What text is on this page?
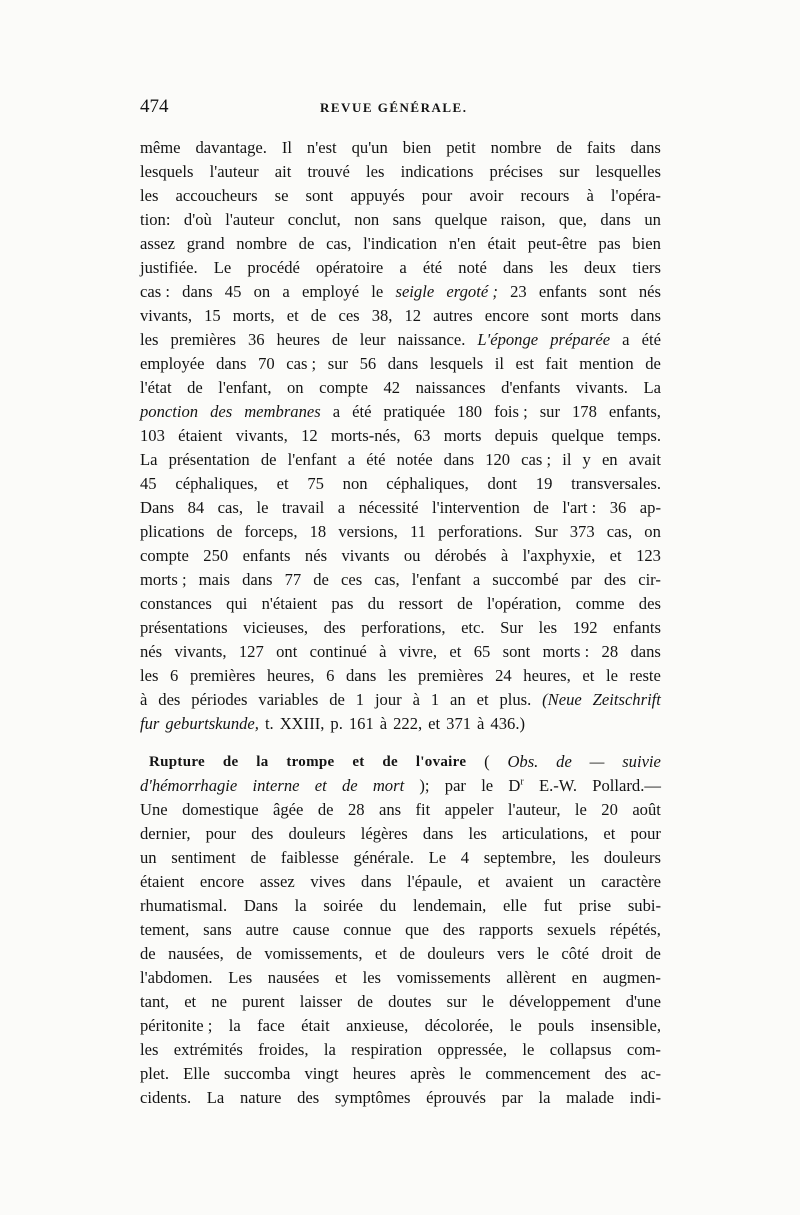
474	REVUE GÉNÉRALE.
même davantage. Il n'est qu'un bien petit nombre de faits dans
lesquels l'auteur ait trouvé les indications précises sur lesquelles
les accoucheurs se sont appuyés pour avoir recours à l'opéra-
tion: d'où l'auteur conclut, non sans quelque raison, que, dans un
assez grand nombre de cas, l'indication n'en était peut-être pas bien
justifiée. Le procédé opératoire a été noté dans les deux tiers
cas : dans 45 on a employé le seigle ergoté ; 23 enfants sont nés
vivants, 15 morts, et de ces 38, 12 autres encore sont morts dans
les premières 36 heures de leur naissance. L'éponge préparée a été
employée dans 70 cas ; sur 56 dans lesquels il est fait mention de
l'état de l'enfant, on compte 42 naissances d'enfants vivants. La
ponction des membranes a été pratiquée 180 fois ; sur 178 enfants,
103 étaient vivants, 12 morts-nés, 63 morts depuis quelque temps.
La présentation de l'enfant a été notée dans 120 cas ; il y en avait
45 céphaliques, et 75 non céphaliques, dont 19 transversales.
Dans 84 cas, le travail a nécessité l'intervention de l'art : 36 ap-
plications de forceps, 18 versions, 11 perforations. Sur 373 cas, on
compte 250 enfants nés vivants ou dérobés à l'axphyxie, et 123
morts ; mais dans 77 de ces cas, l'enfant a succombé par des cir-
constances qui n'étaient pas du ressort de l'opération, comme des
présentations vicieuses, des perforations, etc. Sur les 192 enfants
nés vivants, 127 ont continué à vivre, et 65 sont morts : 28 dans
les 6 premières heures, 6 dans les premières 24 heures, et le reste
à des périodes variables de 1 jour à 1 an et plus. (Neue Zeitschrift
fur geburtskunde, t. XXIII, p. 161 à 222, et 371 à 436.)
Rupture de la trompe et de l'ovaire ( Obs. de — suivie
d'hémorrhagie interne et de mort ); par le $D^r$ E.-W. Pollard.—
Une domestique âgée de 28 ans fit appeler l'auteur, le 20 août
dernier, pour des douleurs légères dans les articulations, et pour
un sentiment de faiblesse générale. Le 4 septembre, les douleurs
étaient encore assez vives dans l'épaule, et avaient un caractère
rhumatismal. Dans la soirée du lendemain, elle fut prise subi-
tement, sans autre cause connue que des rapports sexuels répétés,
de nausées, de vomissements, et de douleurs vers le côté droit de
l'abdomen. Les nausées et les vomissements allèrent en augmen-
tant, et ne purent laisser de doutes sur le développement d'une
péritonite ; la face était anxieuse, décolorée, le pouls insensible,
les extrémités froides, la respiration oppressée, le collapsus com-
plet. Elle succomba vingt heures après le commencement des ac-
cidents. La nature des symptômes éprouvés par la malade indi-
